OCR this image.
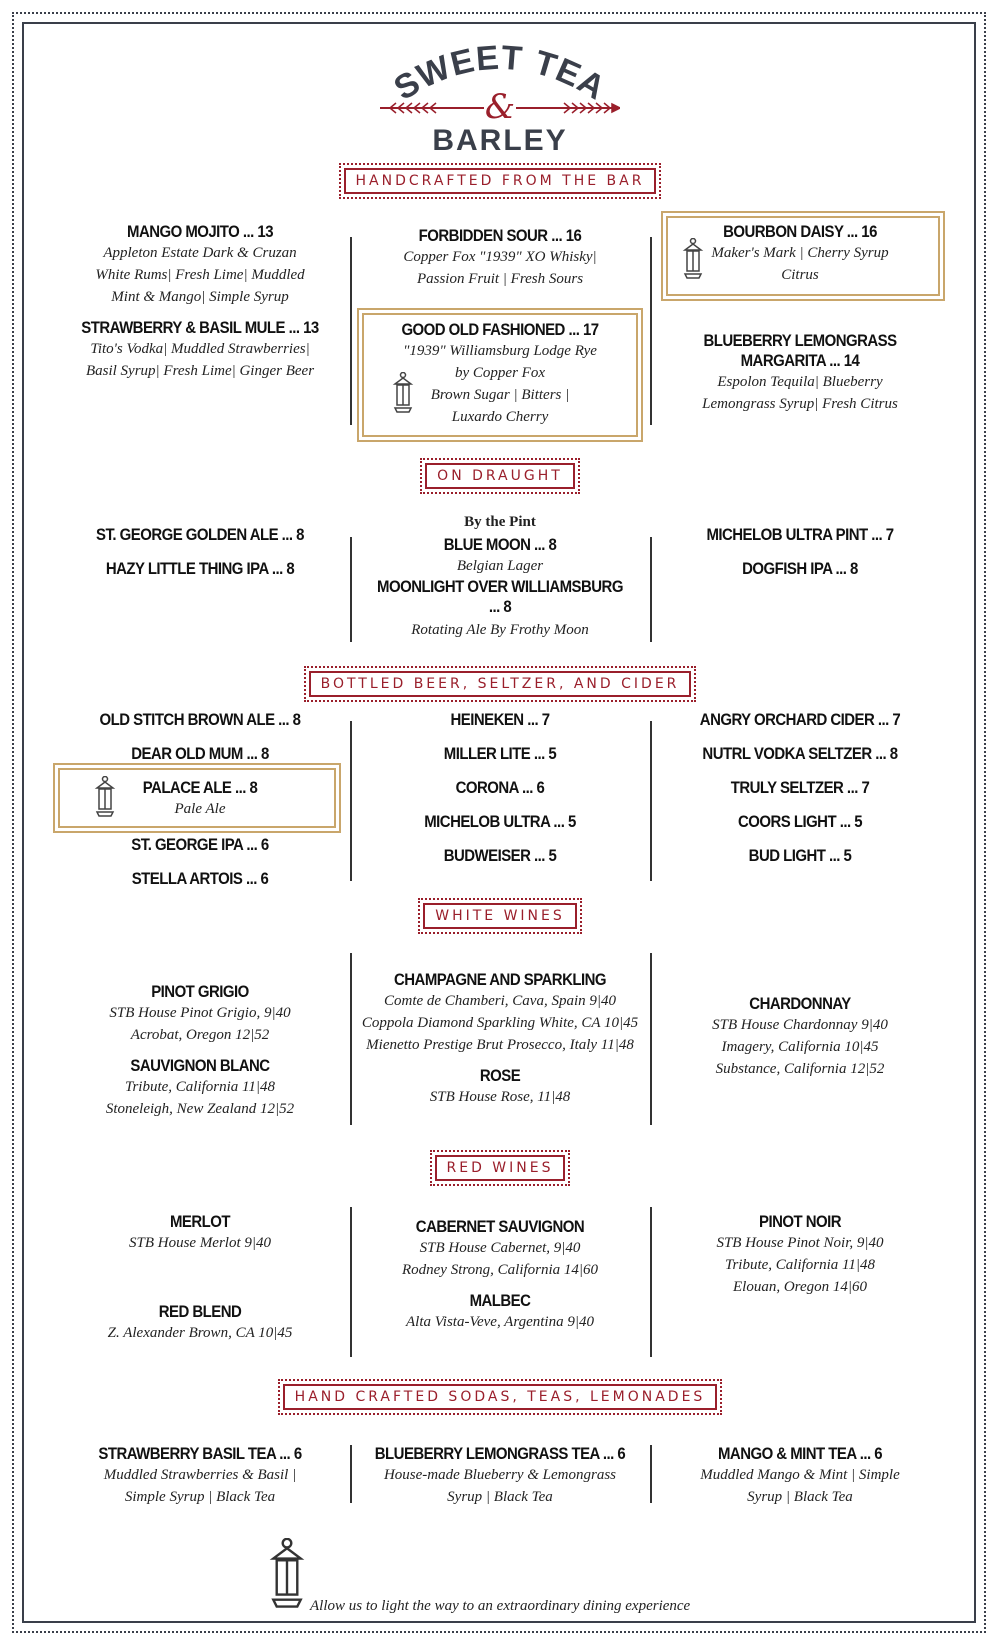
SWEET TEA
&
BARLEY
HANDCRAFTED FROM THE BAR
MANGO MOJITO ... 13
Appleton Estate Dark & Cruzan
White Rums| Fresh Lime| Muddled
Mint & Mango| Simple Syrup
STRAWBERRY & BASIL MULE ... 13
Tito's Vodka| Muddled Strawberries|
Basil Syrup| Fresh Lime| Ginger Beer
FORBIDDEN SOUR ... 16
Copper Fox "1939" XO Whisky|
Passion Fruit | Fresh Sours
GOOD OLD FASHIONED ... 17
"1939" Williamsburg Lodge Rye
by Copper Fox
Brown Sugar | Bitters |
Luxardo Cherry
BOURBON DAISY ... 16
Maker's Mark | Cherry Syrup
Citrus
BLUEBERRY LEMONGRASS
MARGARITA ... 14
Espolon Tequila| Blueberry
Lemongrass Syrup| Fresh Citrus
ON DRAUGHT
ST. GEORGE GOLDEN ALE ... 8
HAZY LITTLE THING IPA ... 8
By the Pint
BLUE MOON ... 8
Belgian Lager
MOONLIGHT OVER WILLIAMSBURG
... 8
Rotating Ale By Frothy Moon
MICHELOB ULTRA PINT ... 7
DOGFISH IPA ... 8
BOTTLED BEER, SELTZER, AND CIDER
OLD STITCH BROWN ALE ... 8
DEAR OLD MUM ... 8
PALACE ALE ... 8
Pale Ale
ST. GEORGE IPA ... 6
STELLA ARTOIS ... 6
HEINEKEN ... 7
MILLER LITE ... 5
CORONA ... 6
MICHELOB ULTRA ... 5
BUDWEISER ... 5
ANGRY ORCHARD CIDER ... 7
NUTRL VODKA SELTZER ... 8
TRULY SELTZER ... 7
COORS LIGHT ... 5
BUD LIGHT ... 5
WHITE WINES
PINOT GRIGIO
STB House Pinot Grigio, 9|40
Acrobat, Oregon 12|52
SAUVIGNON BLANC
Tribute, California 11|48
Stoneleigh, New Zealand 12|52
CHAMPAGNE AND SPARKLING
Comte de Chamberi, Cava, Spain 9|40
Coppola Diamond Sparkling White, CA 10|45
Mienetto Prestige Brut Prosecco, Italy 11|48
ROSE
STB House Rose, 11|48
CHARDONNAY
STB House Chardonnay 9|40
Imagery, California 10|45
Substance, California 12|52
RED WINES
MERLOT
STB House Merlot 9|40
RED BLEND
Z. Alexander Brown, CA 10|45
CABERNET SAUVIGNON
STB House Cabernet, 9|40
Rodney Strong, California 14|60
MALBEC
Alta Vista-Veve, Argentina 9|40
PINOT NOIR
STB House Pinot Noir, 9|40
Tribute, California 11|48
Elouan, Oregon 14|60
HAND CRAFTED SODAS, TEAS, LEMONADES
STRAWBERRY BASIL TEA ... 6
Muddled Strawberries & Basil |
Simple Syrup | Black Tea
BLUEBERRY LEMONGRASS TEA ... 6
House-made Blueberry & Lemongrass
Syrup | Black Tea
MANGO & MINT TEA ... 6
Muddled Mango & Mint | Simple
Syrup | Black Tea
Allow us to light the way to an extraordinary dining experience
